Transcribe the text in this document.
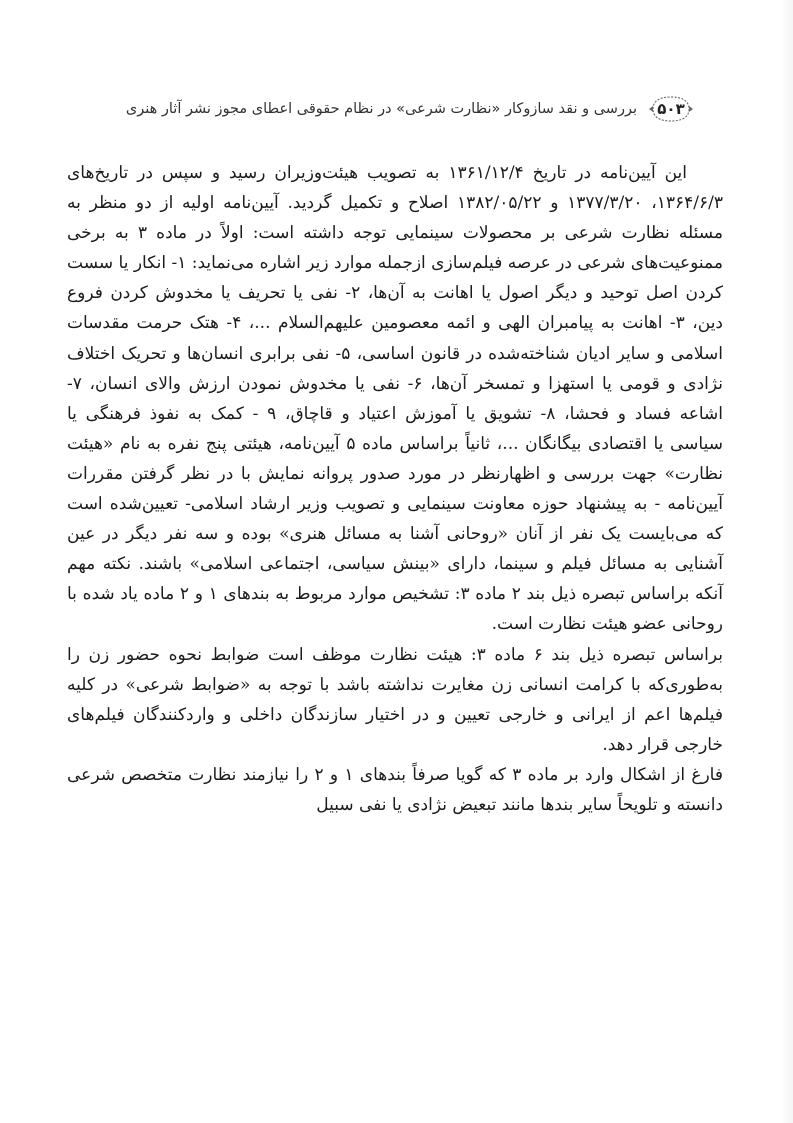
۵۰۳
بررسی و نقد سازوکار «نظارت شرعی» در نظام حقوقی اعطای مجوز نشر آثار هنری

این آیین‌نامه در تاریخ ۱۳۶۱/۱۲/۴ به تصویب هیئت‌وزیران رسید و سپس در تاریخ‌های ۱۳۶۴/۶/۳، ۱۳۷۷/۳/۲۰ و ۱۳۸۲/۰۵/۲۲ اصلاح و تکمیل گردید. آیین‌نامه اولیه از دو منظر به مسئله نظارت شرعی بر محصولات سینمایی توجه داشته است: اولاً در ماده ۳ به برخی ممنوعیت‌های شرعی در عرصه فیلم‌سازی ازجمله موارد زیر اشاره می‌نماید: ۱- انکار یا سست کردن اصل توحید و دیگر اصول یا اهانت به آن‌ها، ۲- نفی یا تحریف یا مخدوش کردن فروع دین، ۳- اهانت به پیامبران الهی و ائمه معصومین علیهم‌السلام ...، ۴- هتک حرمت مقدسات اسلامی و سایر ادیان شناخته‌شده در قانون اساسی، ۵- نفی برابری انسان‌ها و تحریک اختلاف نژادی و قومی یا استهزا و تمسخر آن‌ها، ۶- نفی یا مخدوش نمودن ارزش والای انسان، ۷- اشاعه فساد و فحشا، ۸- تشویق یا آموزش اعتیاد و قاچاق، ۹ - کمک به نفوذ فرهنگی یا سیاسی یا اقتصادی بیگانگان ...، ثانیاً براساس ماده ۵ آیین‌نامه، هیئتی پنج نفره به نام «هیئت نظارت» جهت بررسی و اظهارنظر در مورد صدور پروانه نمایش با در نظر گرفتن مقررات آیین‌نامه - به پیشنهاد حوزه معاونت سینمایی و تصویب وزیر ارشاد اسلامی- تعیین‌شده است که می‌بایست یک نفر از آنان «روحانی آشنا به مسائل هنری» بوده و سه نفر دیگر در عین آشنایی به مسائل فیلم و سینما، دارای «بینش سیاسی، اجتماعی اسلامی» باشند. نکته مهم آنکه براساس تبصره ذیل بند ۲ ماده ۳: تشخیص موارد مربوط به بندهای ۱ و ۲ ماده یاد شده با روحانی عضو هیئت نظارت است.

براساس تبصره ذیل بند ۶ ماده ۳: هیئت نظارت موظف است ضوابط نحوه حضور زن را به‌طوری‌که با کرامت انسانی زن مغایرت نداشته باشد با توجه به «ضوابط شرعی» در کلیه فیلم‌ها اعم از ایرانی و خارجی تعیین و در اختیار سازندگان داخلی و واردکنندگان فیلم‌های خارجی قرار دهد.

فارغ از اشکال وارد بر ماده ۳ که گویا صرفاً بندهای ۱ و ۲ را نیازمند نظارت متخصص شرعی دانسته و تلویحاً سایر بندها مانند تبعیض نژادی یا نفی سبیل
